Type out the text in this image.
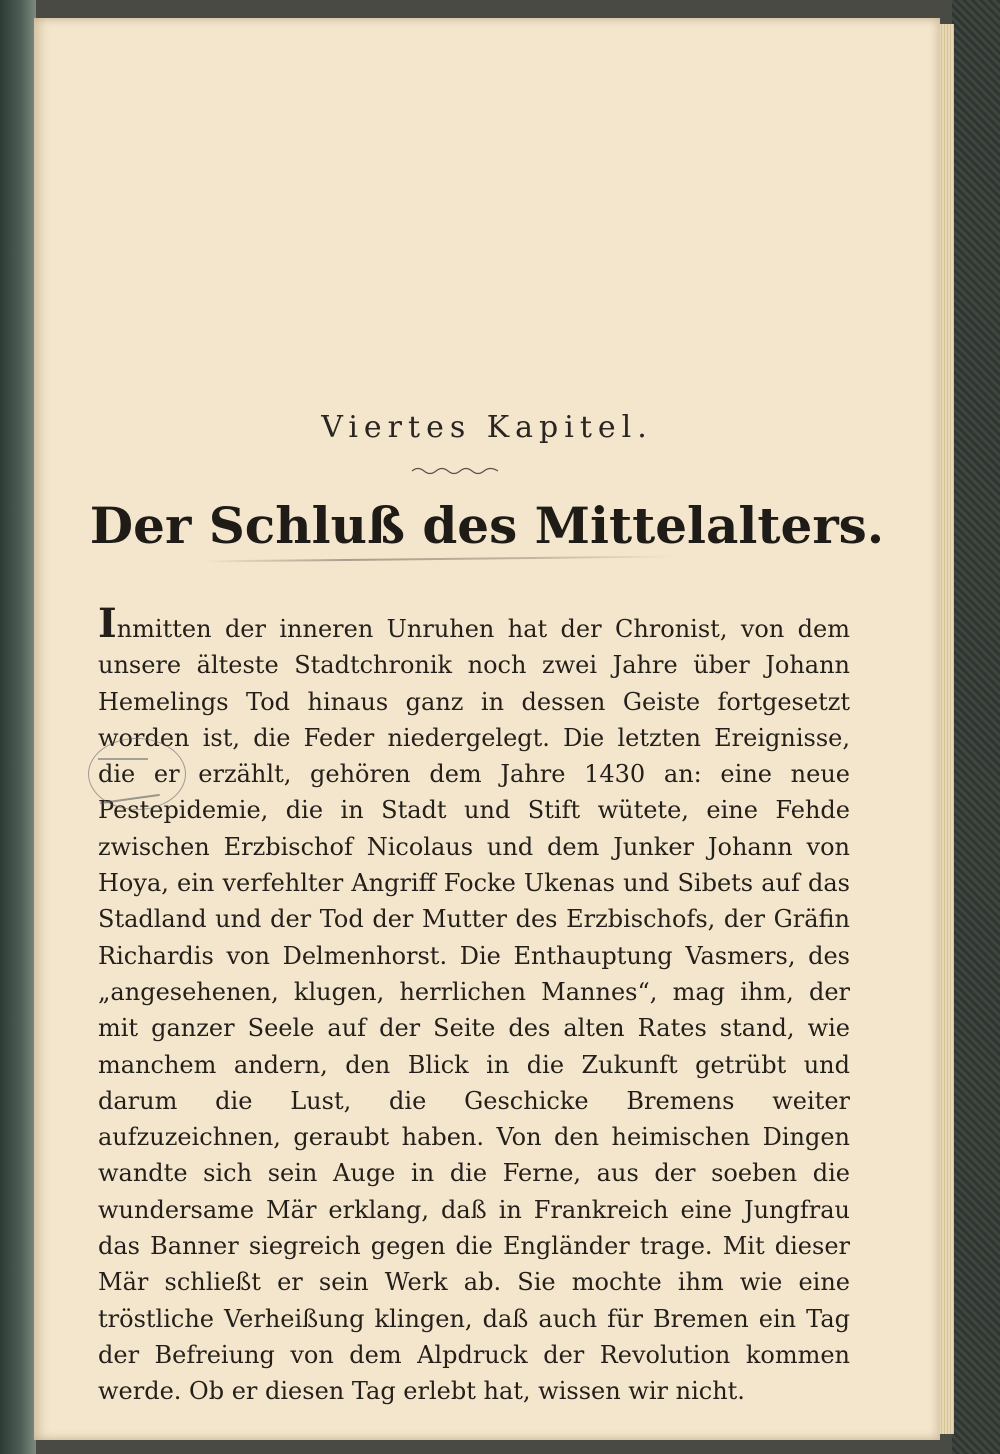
Viertes Kapitel.
Der Schluß des Mittelalters.

Inmitten der inneren Unruhen hat der Chronist, von dem unsere älteste Stadtchronik noch zwei Jahre über Johann Hemelings Tod hinaus ganz in dessen Geiste fortgesetzt worden ist, die Feder niedergelegt. Die letzten Ereignisse, die er erzählt, gehören dem Jahre 1430 an: eine neue Pestepidemie, die in Stadt und Stift wütete, eine Fehde zwischen Erzbischof Nicolaus und dem Junker Johann von Hoya, ein verfehlter Angriff Focke Ukenas und Sibets auf das Stadland und der Tod der Mutter des Erzbischofs, der Gräfin Richardis von Delmenhorst. Die Enthauptung Vasmers, des „angesehenen, klugen, herrlichen Mannes“, mag ihm, der mit ganzer Seele auf der Seite des alten Rates stand, wie manchem andern, den Blick in die Zukunft getrübt und darum die Lust, die Geschicke Bremens weiter aufzuzeichnen, geraubt haben. Von den heimischen Dingen wandte sich sein Auge in die Ferne, aus der soeben die wundersame Mär erklang, daß in Frankreich eine Jungfrau das Banner siegreich gegen die Engländer trage. Mit dieser Mär schließt er sein Werk ab. Sie mochte ihm wie eine tröstliche Verheißung klingen, daß auch für Bremen ein Tag der Befreiung von dem Alpdruck der Revolution kommen werde. Ob er diesen Tag erlebt hat, wissen wir nicht.
